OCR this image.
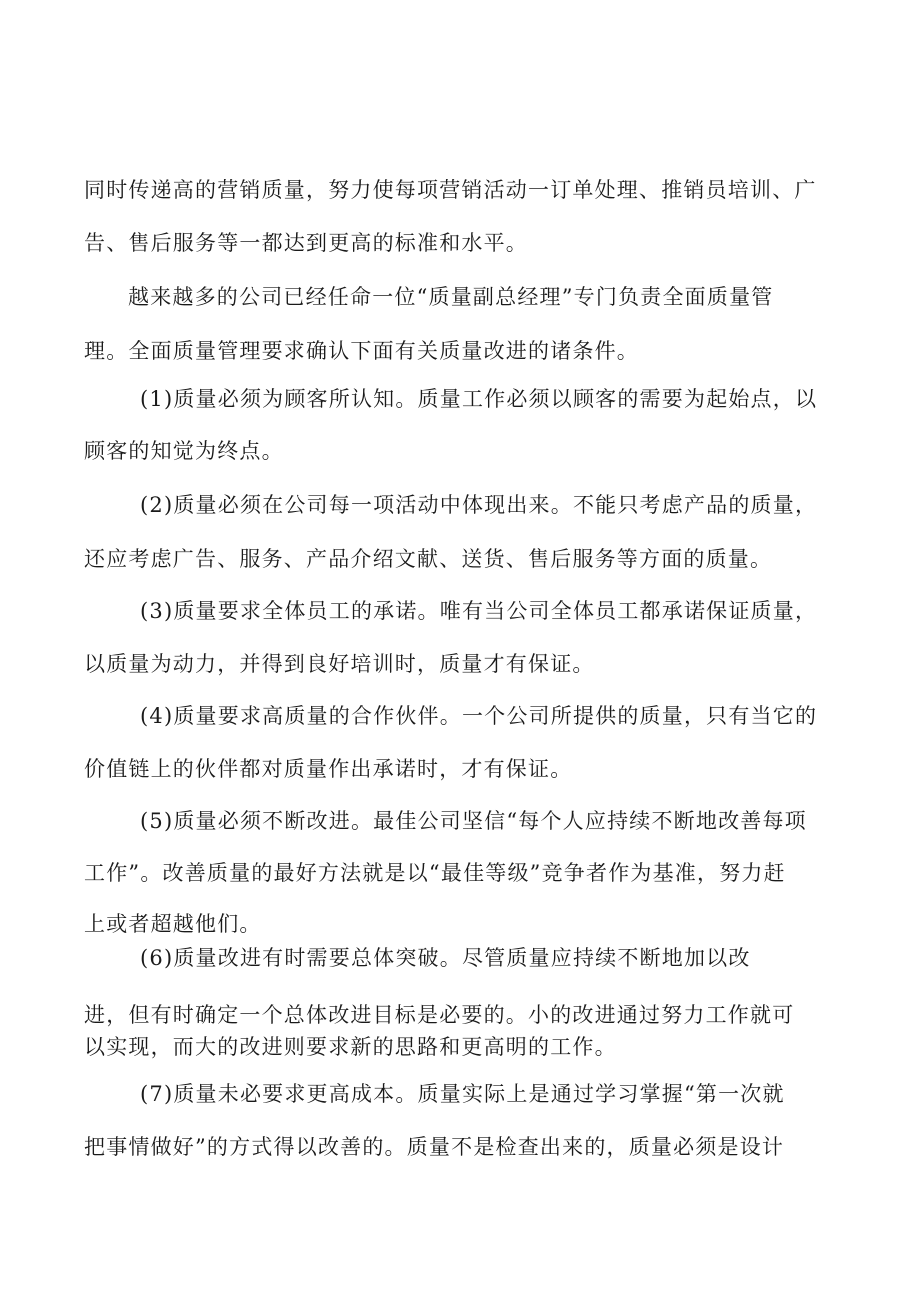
同时传递高的营销质量，努力使每项营销活动一订单处理、推销员培训、广
告、售后服务等一都达到更高的标准和水平。
越来越多的公司已经任命一位“质量副总经理”专门负责全面质量管
理。全面质量管理要求确认下面有关质量改进的诸条件。
(1)质量必须为顾客所认知。质量工作必须以顾客的需要为起始点，以
顾客的知觉为终点。
(2)质量必须在公司每一项活动中体现出来。不能只考虑产品的质量，
还应考虑广告、服务、产品介绍文献、送货、售后服务等方面的质量。
(3)质量要求全体员工的承诺。唯有当公司全体员工都承诺保证质量，
以质量为动力，并得到良好培训时，质量才有保证。
(4)质量要求高质量的合作伙伴。一个公司所提供的质量，只有当它的
价值链上的伙伴都对质量作出承诺时，才有保证。
(5)质量必须不断改进。最佳公司坚信“每个人应持续不断地改善每项
工作”。改善质量的最好方法就是以“最佳等级”竞争者作为基准，努力赶
上或者超越他们。
(6)质量改进有时需要总体突破。尽管质量应持续不断地加以改
进，但有时确定一个总体改进目标是必要的。小的改进通过努力工作就可
以实现，而大的改进则要求新的思路和更高明的工作。
(7)质量未必要求更高成本。质量实际上是通过学习掌握“第一次就
把事情做好”的方式得以改善的。质量不是检查出来的，质量必须是设计
